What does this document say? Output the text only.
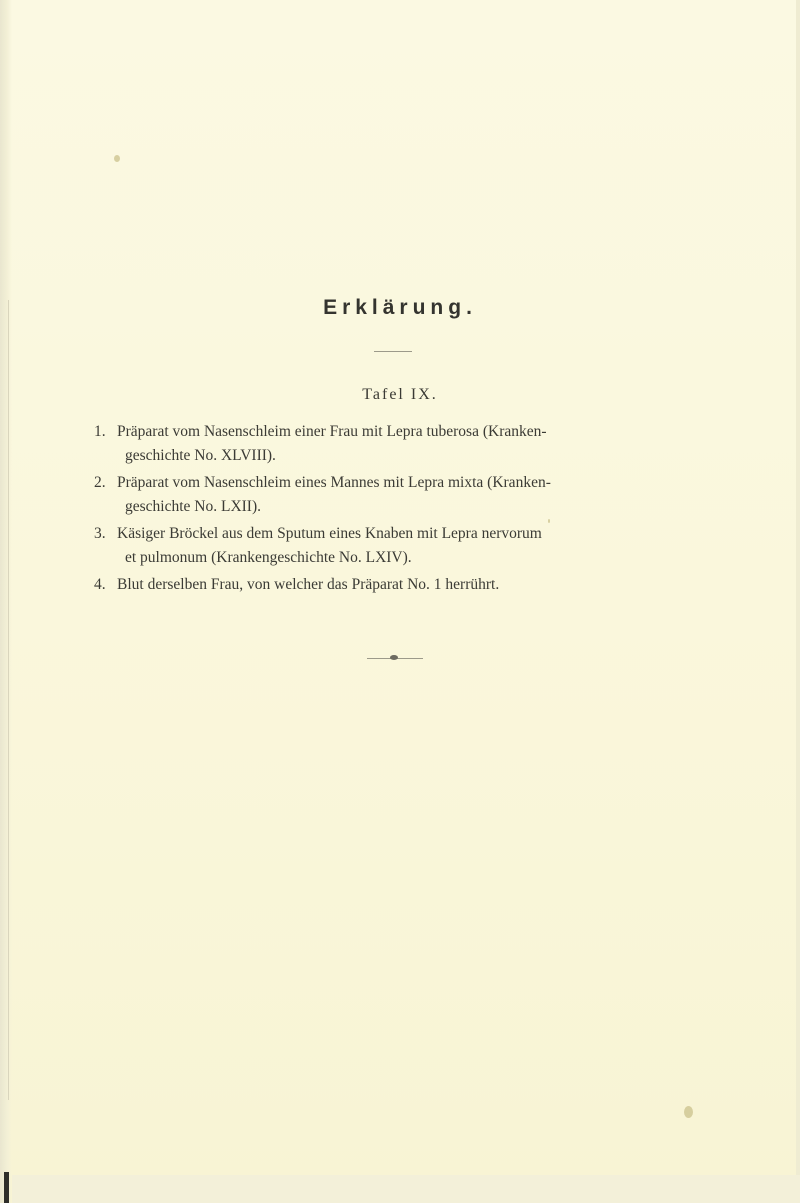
Erklärung.
Tafel IX.
1. Präparat vom Nasenschleim einer Frau mit Lepra tuberosa (Kranken-
geschichte No. XLVIII).
2. Präparat vom Nasenschleim eines Mannes mit Lepra mixta (Kranken-
geschichte No. LXII).
3. Käsiger Bröckel aus dem Sputum eines Knaben mit Lepra nervorum
et pulmonum (Krankengeschichte No. LXIV).
4. Blut derselben Frau, von welcher das Präparat No. 1 herrührt.
